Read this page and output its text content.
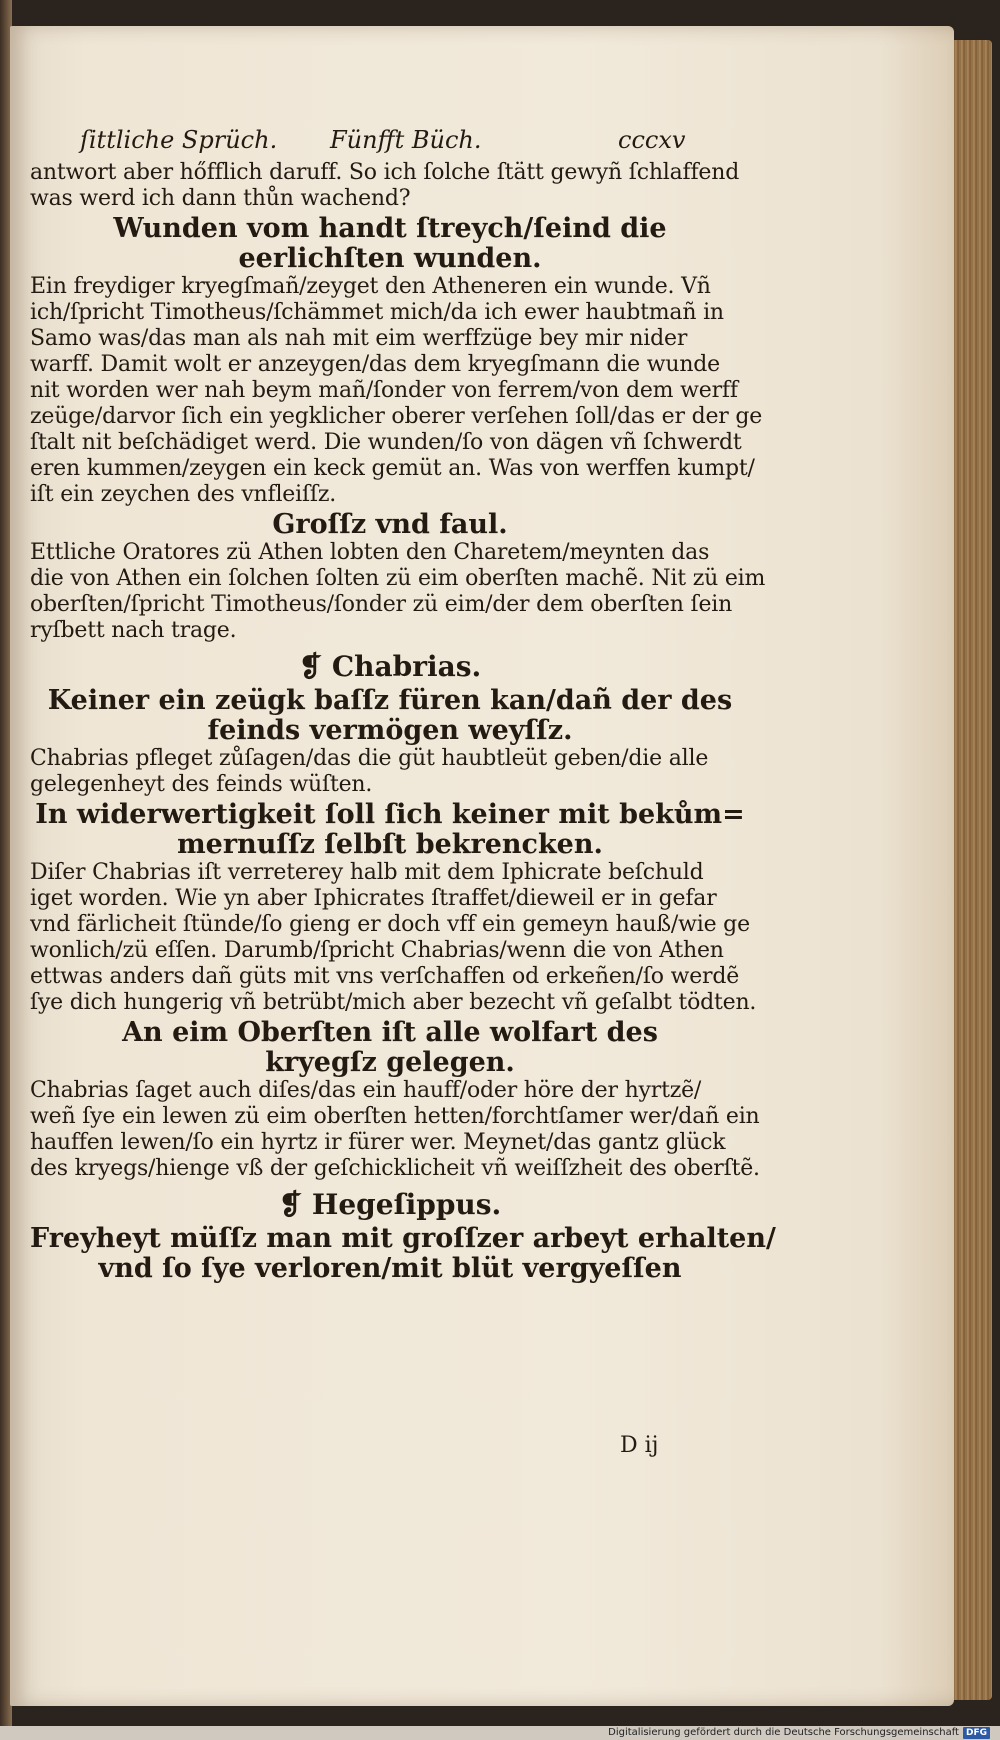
ſittliche Sprüch. Fünfft Büch.	cccxv
antwort aber hőfflich daruff. So ich ſolche ſtätt gewyñ ſchlaffend
was werd ich dann thůn wachend?
Wunden vom handt ſtreych/ſeind die
eerlichſten wunden.
Ein freydiger kryegſmañ/zeyget den Atheneren ein wunde. Vñ
ich/ſpricht Timotheus/ſchämmet mich/da ich ewer haubtmañ in
Samo was/das man als nah mit eim werffzüge bey mir nider
warff. Damit wolt er anzeygen/das dem kryegſmann die wunde
nit worden wer nah beym mañ/ſonder von ferrem/von dem werff
zeüge/darvor ſich ein yegklicher oberer verſehen ſoll/das er der ge
ſtalt nit beſchädiget werd. Die wunden/ſo von dägen vñ ſchwerdt
eren kummen/zeygen ein keck gemüt an. Was von werffen kumpt/
iſt ein zeychen des vnfleiſſz.
Groſſz vnd faul.
Ettliche Oratores zü Athen lobten den Charetem/meynten das
die von Athen ein ſolchen ſolten zü eim oberſten machẽ. Nit zü eim
oberſten/ſpricht Timotheus/ſonder zü eim/der dem oberſten ſein
ryſbett nach trage.
❡ Chabrias.
Keiner ein zeügk baſſz füren kan/dañ der des
feinds vermögen weyſſz.
Chabrias pfleget zůſagen/das die güt haubtleüt geben/die alle
gelegenheyt des feinds wüſten.
In widerwertigkeit ſoll ſich keiner mit bekům=
mernuſſz ſelbſt bekrencken.
Diſer Chabrias iſt verreterey halb mit dem Iphicrate beſchuld
iget worden. Wie yn aber Iphicrates ſtraffet/dieweil er in gefar
vnd färlicheit ſtünde/ſo gieng er doch vff ein gemeyn hauß/wie ge
wonlich/zü eſſen. Darumb/ſpricht Chabrias/wenn die von Athen
ettwas anders dañ güts mit vns verſchaffen od erkeñen/ſo werdẽ
ſye dich hungerig vñ betrübt/mich aber bezecht vñ geſalbt tödten.
An eim Oberſten iſt alle wolfart des
kryegſz gelegen.
Chabrias ſaget auch diſes/das ein hauff/oder höre der hyrtzẽ/
weñ ſye ein lewen zü eim oberſten hetten/forchtſamer wer/dañ ein
hauffen lewen/ſo ein hyrtz ir fürer wer. Meynet/das gantz glück
des kryegs/hienge vß der geſchicklicheit vñ weiſſzheit des oberſtẽ.
❡ Hegeſippus.
Freyheyt müſſz man mit groſſzer arbeyt erhalten/
vnd ſo ſye verloren/mit blüt vergyeſſen
D ij
Digitalisierung gefördert durch die Deutsche Forschungsgemeinschaft DFG
